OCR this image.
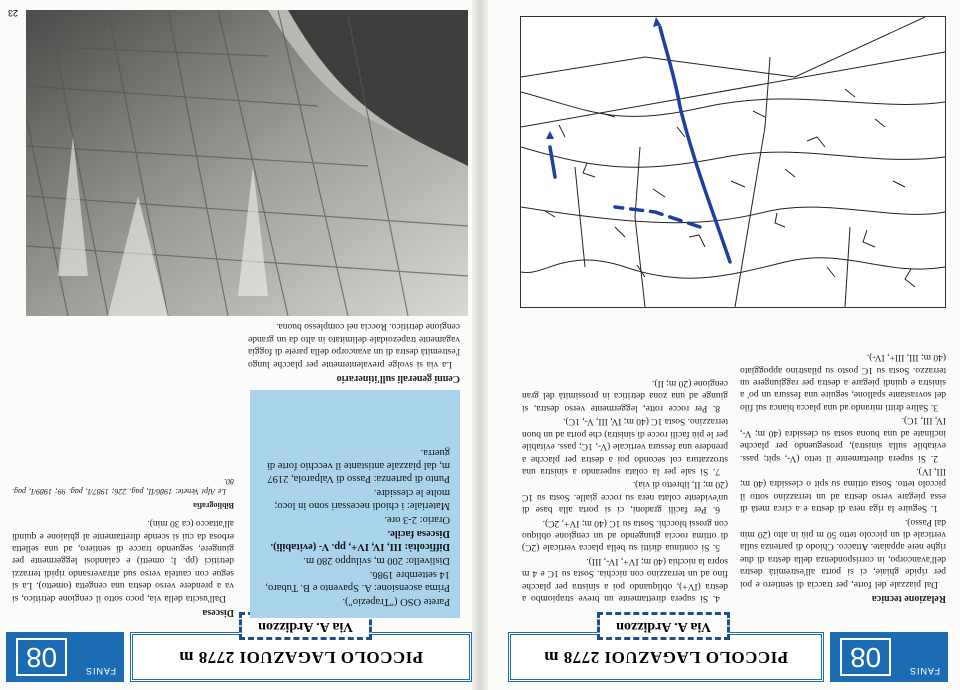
FANIS
08
PICCOLO LAGAZUOI 2778 m
Via A. Ardizzon
Relazione tecnica

Dal piazzale del forte, per traccia di sentiero e poi per ripide ghiaie, ci si porta all'estremità destra dell'avancorpo, in corrispondenza della destra di due righe nere appaiate. Attacco. Chiodo di partenza sulla verticale di un piccolo tetto 50 m più in alto (20 min dal Passo).

1. Seguire la riga nera di destra e a circa metà di essa piegare verso destra ad un terrazzino sotto il piccolo tetto. Sosta ottima su spit o clessidra (40 m; III, IV).

2. Si supera direttamente il tetto (V-, spit; pass. evitabile sulla sinistra), proseguendo per placche inclinate ad una buona sosta su clessidra (40 m; V-, IV, III, 1C).

3. Salire dritti mirando ad una placca bianca sul filo del sovrastante spallone, seguire una fessura un po' a sinistra e quindi piegare a destra per raggiungere un terrazzo. Sosta su 1C posto su pilastrino appoggiato (40 m; III, III+, IV-).

4. Si supera direttamente un breve strapiombo a destra (IV+), obliquando poi a sinistra per placche fino ad un terrazzino con nicchia. Sosta su 1C e 4 m sopra la nicchia (40 m; IV+, IV-, III).

5. Si continua diritti su bella placca verticale (2C) di ottima roccia giungendo ad un cengione obliquo con grossi blocchi. Sosta su 1C (40 m; IV+, 2C).

6. Per facili gradoni, ci si porta alla base di un'evidente colata nera su rocce gialle. Sosta su 1C (20 m; II, libretto di via).

7. Si sale per la colata superando a sinistra una strozzatura col secondo poi a destra per placche a prendere una fessura verticale (V-, 1C; pass. evitabile per le più facili rocce di sinistra) che porta ad un buon terrazzino. Sosta 1C (40 m; IV, III, V-, 1C).

8. Per rocce rotte, leggermente verso destra, si giunge ad una zona detritica in prossimità del gran cengione (20 m; II).

PICCOLO LAGAZUOI 2778 m
FANIS
08
Via A. Ardizzon
Parete OSO ("Trapezio").
Prima ascensione: A. Spavento e B. Tubaro, 14 settembre 1986.
Dislivello: 200 m, sviluppo 280 m.
Difficoltà: III, IV, IV+, pp. V- (evitabili). Discesa facile.
Orario: 2-3 ore.
Materiale: i chiodi necessari sono in loco; molte le clessidre.
Punto di partenza: Passo di Valparola, 2197 m, dal piazzale antistante il vecchio forte di guerra.
Cenni generali sull'itinerario

La via si svolge prevalentemente per placche lungo l'estremità destra di un avancorpo della parete di foggia vagamente trapezoidale delimitato in alto da un grande cengione detritico. Roccia nel complesso buona.

Discesa

Dall'uscita della via, poco sotto il cengione detritico, si va a prendere verso destra una cengetta (ometto). La si segue con cautela verso sud attraversando ripidi terrazzi detritici (pp. I; ometti) e calandosi leggermente per giungere, seguendo tracce di sentiero, ad una selletta erbosa da cui si scende direttamente al ghiaione e quindi all'attacco (ca 30 min).

Bibliografia

Le Alpi Venete: 1986/II, pag. 226; 1987/I, pag. 99; 1989/I, pag. 80.

23
